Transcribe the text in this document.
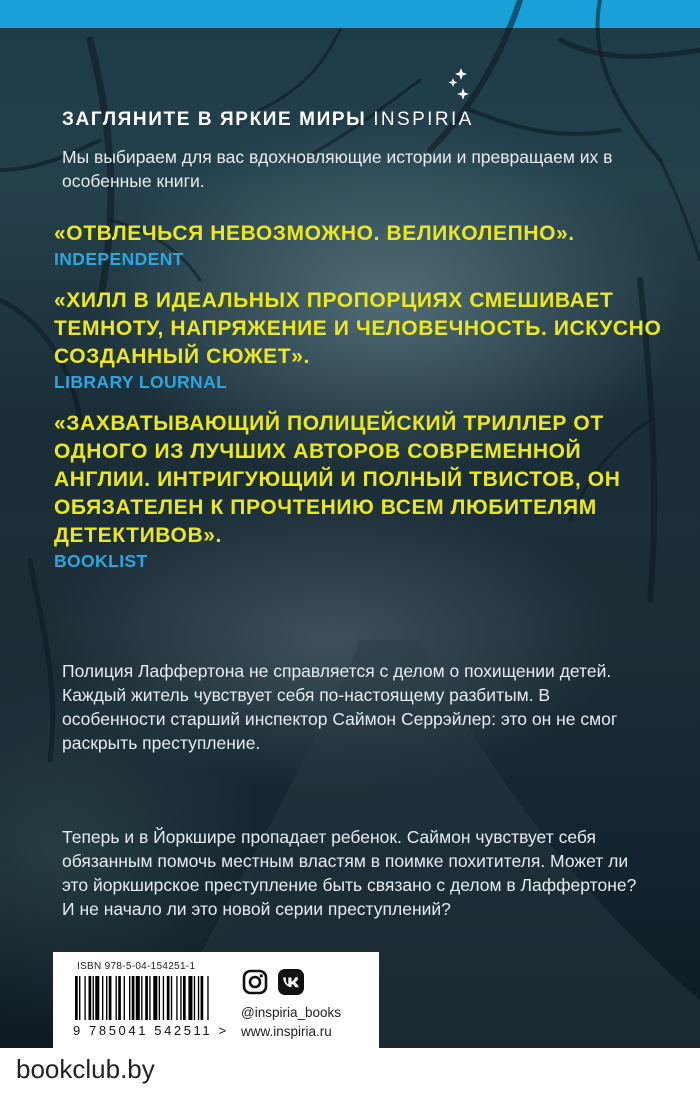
ЗАГЛЯНИТЕ В ЯРКИЕ МИРЫ INSPIRIA

Мы выбираем для вас вдохновляющие истории и превращаем их в особенные книги.

«ОТВЛЕЧЬСЯ НЕВОЗМОЖНО. ВЕЛИКОЛЕПНО».

INDEPENDENT

«ХИЛЛ В ИДЕАЛЬНЫХ ПРОПОРЦИЯХ СМЕШИВАЕТ ТЕМНОТУ, НАПРЯЖЕНИЕ И ЧЕЛОВЕЧНОСТЬ. ИСКУСНО СОЗДАННЫЙ СЮЖЕТ».

LIBRARY LOURNAL

«ЗАХВАТЫВАЮЩИЙ ПОЛИЦЕЙСКИЙ ТРИЛЛЕР ОТ ОДНОГО ИЗ ЛУЧШИХ АВТОРОВ СОВРЕМЕННОЙ АНГЛИИ. ИНТРИГУЮЩИЙ И ПОЛНЫЙ ТВИСТОВ, ОН ОБЯЗАТЕЛЕН К ПРОЧТЕНИЮ ВСЕМ ЛЮБИТЕЛЯМ ДЕТЕКТИВОВ».

BOOKLIST

Полиция Лаффертона не справляется с делом о похищении детей. Каждый житель чувствует себя по-настоящему разбитым. В особенности старший инспектор Саймон Серрэйлер: это он не смог раскрыть преступление.

Теперь и в Йоркшире пропадает ребенок. Саймон чувствует себя обязанным помочь местным властям в поимке похитителя. Может ли это йоркширское преступление быть связано с делом в Лаффертоне? И не начало ли это новой серии преступлений?

ISBN 978-5-04-154251-1

9 785041 542511 >

@inspiria_books

www.inspiria.ru

bookclub.by
